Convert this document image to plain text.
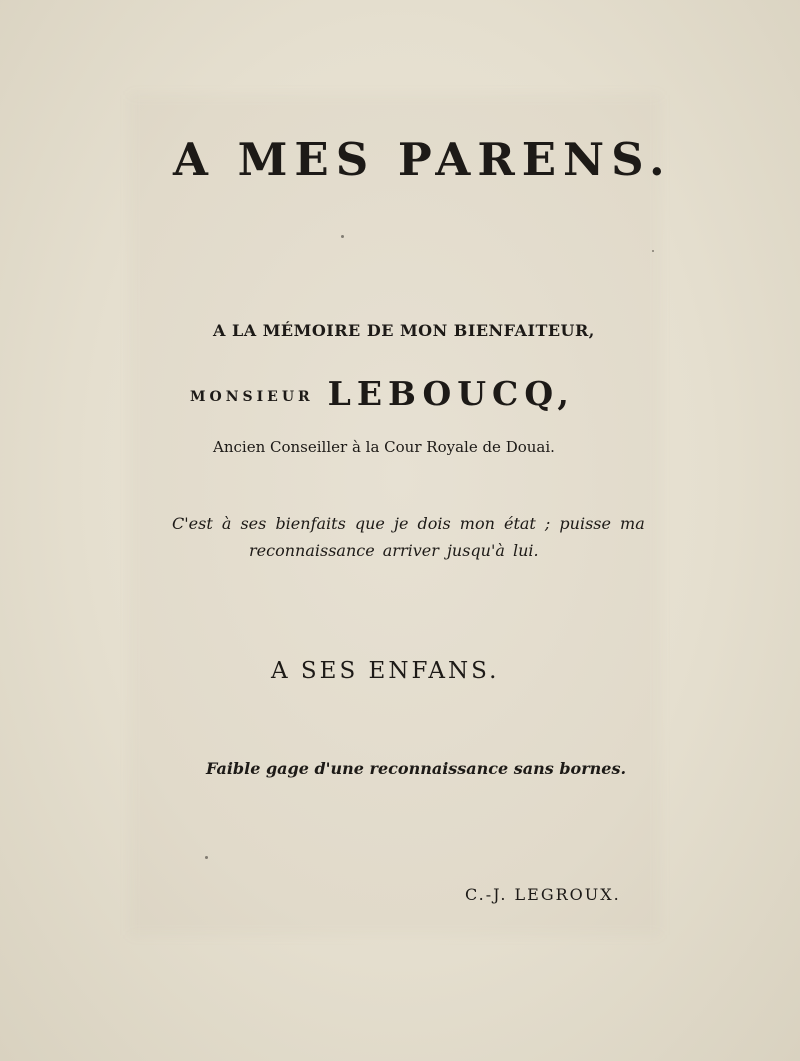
A MES PARENS.
A LA MÉMOIRE DE MON BIENFAITEUR,
MONSIEUR LEBOUCQ,
Ancien Conseiller à la Cour Royale de Douai.
C'est à ses bienfaits que je dois mon état ; puisse ma
reconnaissance arriver jusqu'à lui.
A SES ENFANS.
Faible gage d'une reconnaissance sans bornes.
C.-J. LEGROUX.
